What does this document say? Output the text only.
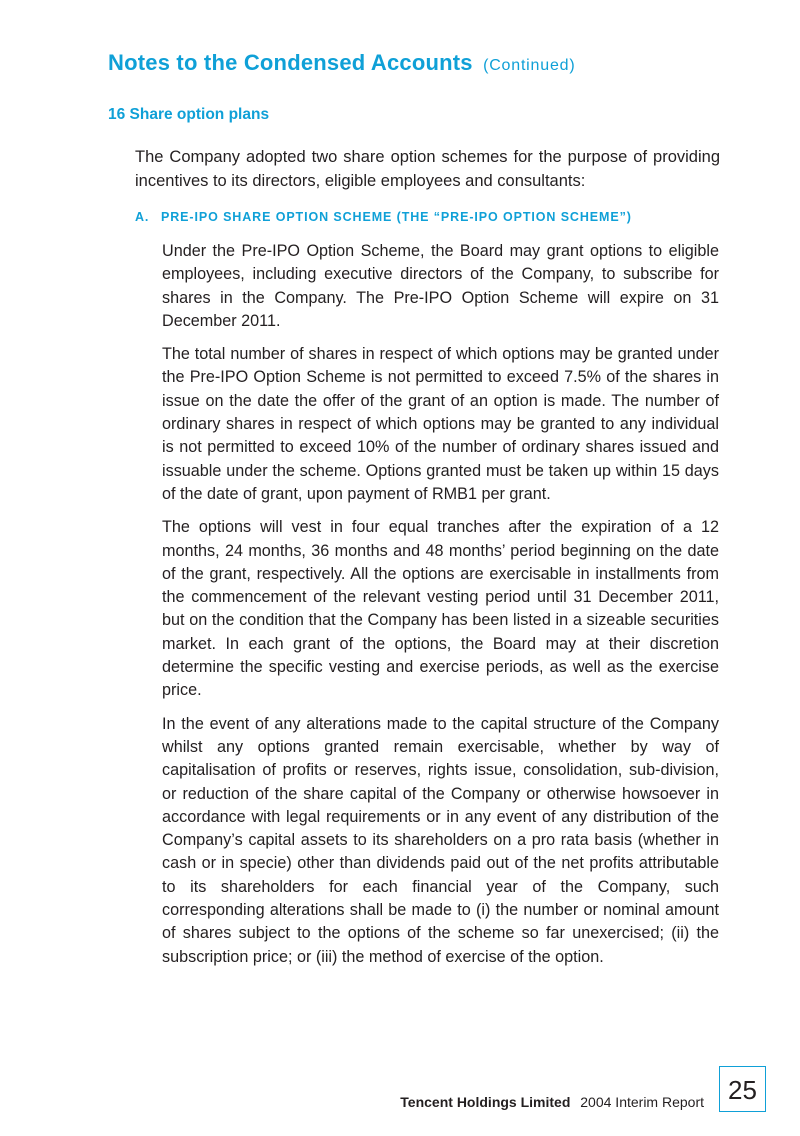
Notes to the Condensed Accounts (Continued)
16 Share option plans

The Company adopted two share option schemes for the purpose of providing incentives to its directors, eligible employees and consultants:

A. PRE-IPO SHARE OPTION SCHEME (THE “PRE-IPO OPTION SCHEME”)

Under the Pre-IPO Option Scheme, the Board may grant options to eligible employees, including executive directors of the Company, to subscribe for shares in the Company. The Pre-IPO Option Scheme will expire on 31 December 2011.

The total number of shares in respect of which options may be granted under the Pre-IPO Option Scheme is not permitted to exceed 7.5% of the shares in issue on the date the offer of the grant of an option is made. The number of ordinary shares in respect of which options may be granted to any individual is not permitted to exceed 10% of the number of ordinary shares issued and issuable under the scheme. Options granted must be taken up within 15 days of the date of grant, upon payment of RMB1 per grant.

The options will vest in four equal tranches after the expiration of a 12 months, 24 months, 36 months and 48 months’ period beginning on the date of the grant, respectively. All the options are exercisable in installments from the commencement of the relevant vesting period until 31 December 2011, but on the condition that the Company has been listed in a sizeable securities market. In each grant of the options, the Board may at their discretion determine the specific vesting and exercise periods, as well as the exercise price.

In the event of any alterations made to the capital structure of the Company whilst any options granted remain exercisable, whether by way of capitalisation of profits or reserves, rights issue, consolidation, sub-division, or reduction of the share capital of the Company or otherwise howsoever in accordance with legal requirements or in any event of any distribution of the Company’s capital assets to its shareholders on a pro rata basis (whether in cash or in specie) other than dividends paid out of the net profits attributable to its shareholders for each financial year of the Company, such corresponding alterations shall be made to (i) the number or nominal amount of shares subject to the options of the scheme so far unexercised; (ii) the subscription price; or (iii) the method of exercise of the option.

Tencent Holdings Limited 2004 Interim Report 25
